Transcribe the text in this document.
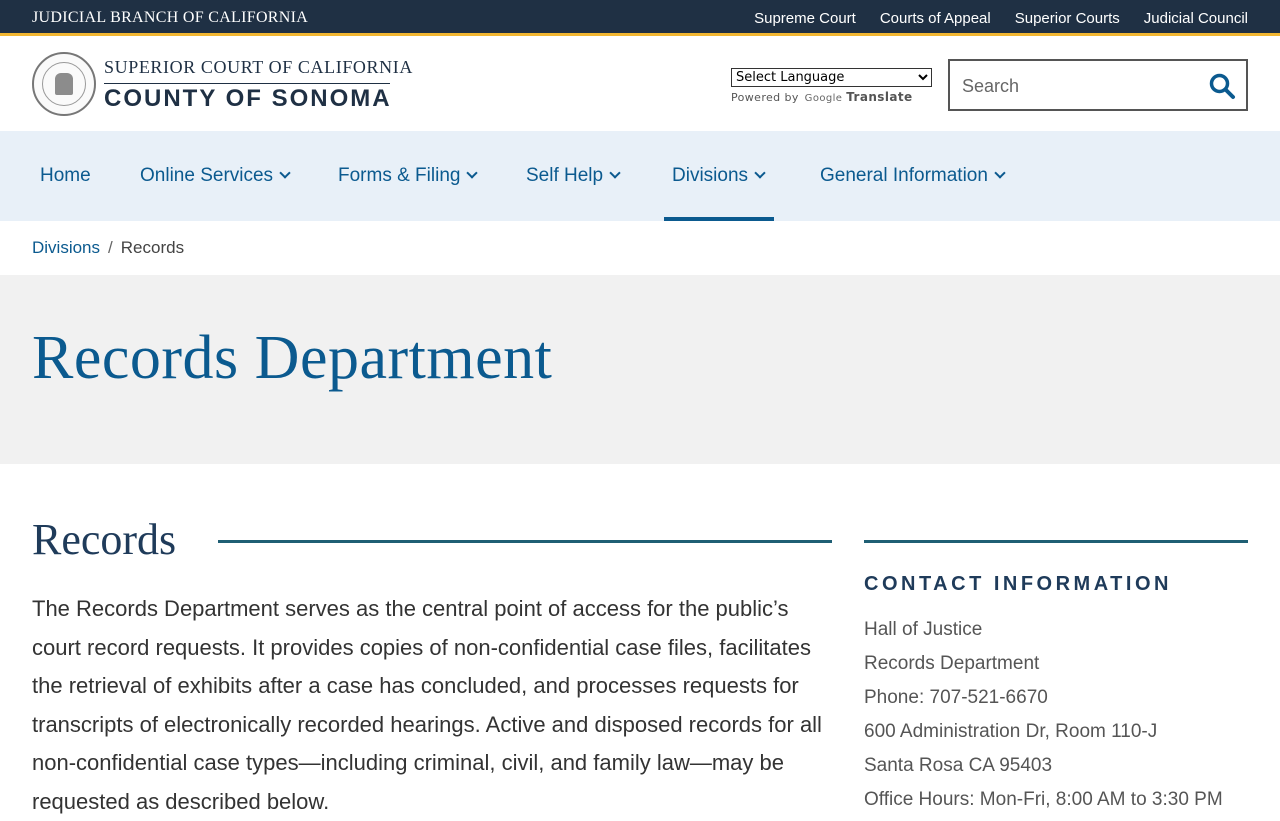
JUDICIAL BRANCH OF CALIFORNIA	Supreme Court Courts of Appeal Superior Courts Judicial Council
SUPERIOR COURT OF CALIFORNIA
COUNTY OF SONOMA
Select Language	Powered by Google Translate
Search
Home	Online Services	Forms & Filing	Self Help	Divisions	General Information
Divisions / Records
Records Department
Records
The Records Department serves as the central point of access for the public’s court record requests. It provides copies of non-confidential case files, facilitates the retrieval of exhibits after a case has concluded, and processes requests for transcripts of electronically recorded hearings. Active and disposed records for all non-confidential case types—including criminal, civil, and family law—may be requested as described below.
CONTACT INFORMATION
Hall of Justice
Records Department
Phone: 707-521-6670
600 Administration Dr, Room 110-J
Santa Rosa CA 95403
Office Hours: Mon-Fri, 8:00 AM to 3:30 PM
